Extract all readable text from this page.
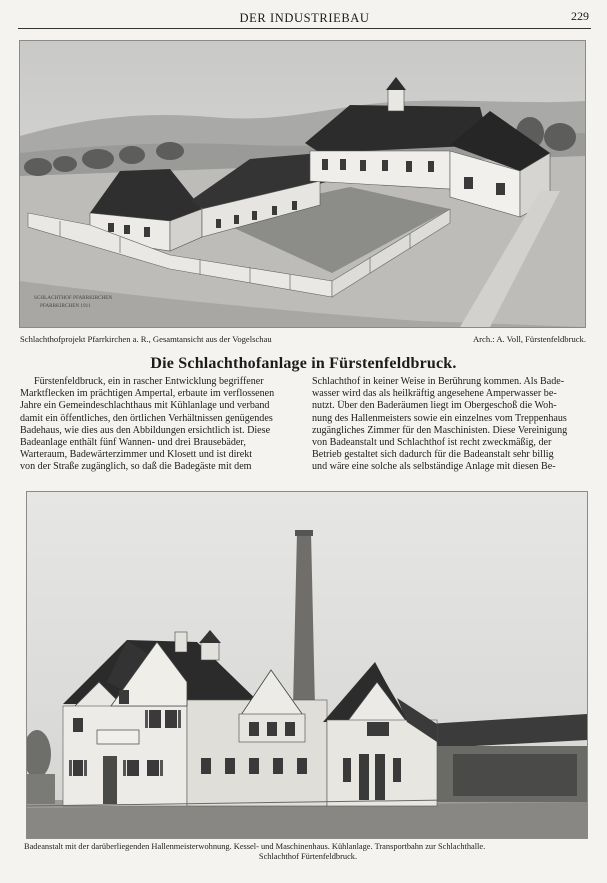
DER INDUSTRIEBAU	229
SCHLACHTHOF PFARRKIRCHEN
PFARRKIRCHEN 1911
Schlachthofprojekt Pfarrkirchen a. R., Gesamtansicht aus der Vogelschau	Arch.: A. Voll, Fürstenfeldbruck.
Die Schlachthofanlage in Fürstenfeldbruck.
Fürstenfeldbruck, ein in rascher Entwicklung begriffener
Marktflecken im prächtigen Ampertal, erbaute im verflossenen
Jahre ein Gemeindeschlachthaus mit Kühlanlage und verband
damit ein öffentliches, den örtlichen Verhältnissen genügendes
Badehaus, wie dies aus den Abbildungen ersichtlich ist. Diese
Badeanlage enthält fünf Wannen- und drei Brausebäder,
Warteraum, Badewärterzimmer und Klosett und ist direkt
von der Straße zugänglich, so daß die Badegäste mit dem
Schlachthof in keiner Weise in Berührung kommen. Als Bade-
wasser wird das als heilkräftig angesehene Amperwasser be-
nutzt. Über den Baderäumen liegt im Obergeschoß die Woh-
nung des Hallenmeisters sowie ein einzelnes vom Treppenhaus
zugängliches Zimmer für den Maschinisten. Diese Vereinigung
von Badeanstalt und Schlachthof ist recht zweckmäßig, der
Betrieb gestaltet sich dadurch für die Badeanstalt sehr billig
und wäre eine solche als selbständige Anlage mit diesen Be-
Badeanstalt mit der darüberliegenden Hallenmeisterwohnung. Kessel- und Maschinenhaus. Kühlanlage. Transportbahn zur Schlachthalle.
Schlachthof Fürtenfeldbruck.
